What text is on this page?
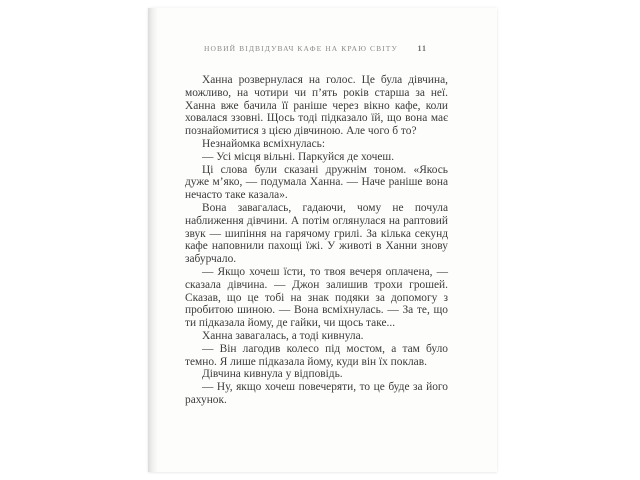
НОВИЙ ВІДВІДУВАЧ КАФЕ НА КРАЮ СВІТУ 11

Ханна розвернулася на голос. Це була дівчина, можливо, на чотири чи п’ять років старша за неї. Ханна вже бачила її раніше через вікно кафе, коли ховалася ззовні. Щось тоді підказало їй, що вона має познайомитися з цією дівчиною. Але чого б то?

Незнайомка всміхнулась:

— Усі місця вільні. Паркуйся де хочеш.

Ці слова були сказані дружнім тоном. «Якось дуже м’яко, — подумала Ханна. — Наче раніше вона нечасто таке казала».

Вона завагалась, гадаючи, чому не почула наближення дівчини. А потім оглянулася на раптовий звук — шипіння на гарячому грилі. За кілька секунд кафе наповнили пахощі їжі. У животі в Ханни знову забурчало.

— Якщо хочеш їсти, то твоя вечеря оплачена, — сказала дівчина. — Джон залишив трохи грошей. Сказав, що це тобі на знак подяки за допомогу з пробитою шиною. — Вона всміхнулась. — За те, що ти підказала йому, де гайки, чи щось таке...

Ханна завагалась, а тоді кивнула.

— Він лагодив колесо під мостом, а там було темно. Я лише підказала йому, куди він їх поклав.

Дівчина кивнула у відповідь.

— Ну, якщо хочеш повечеряти, то це буде за його рахунок.
